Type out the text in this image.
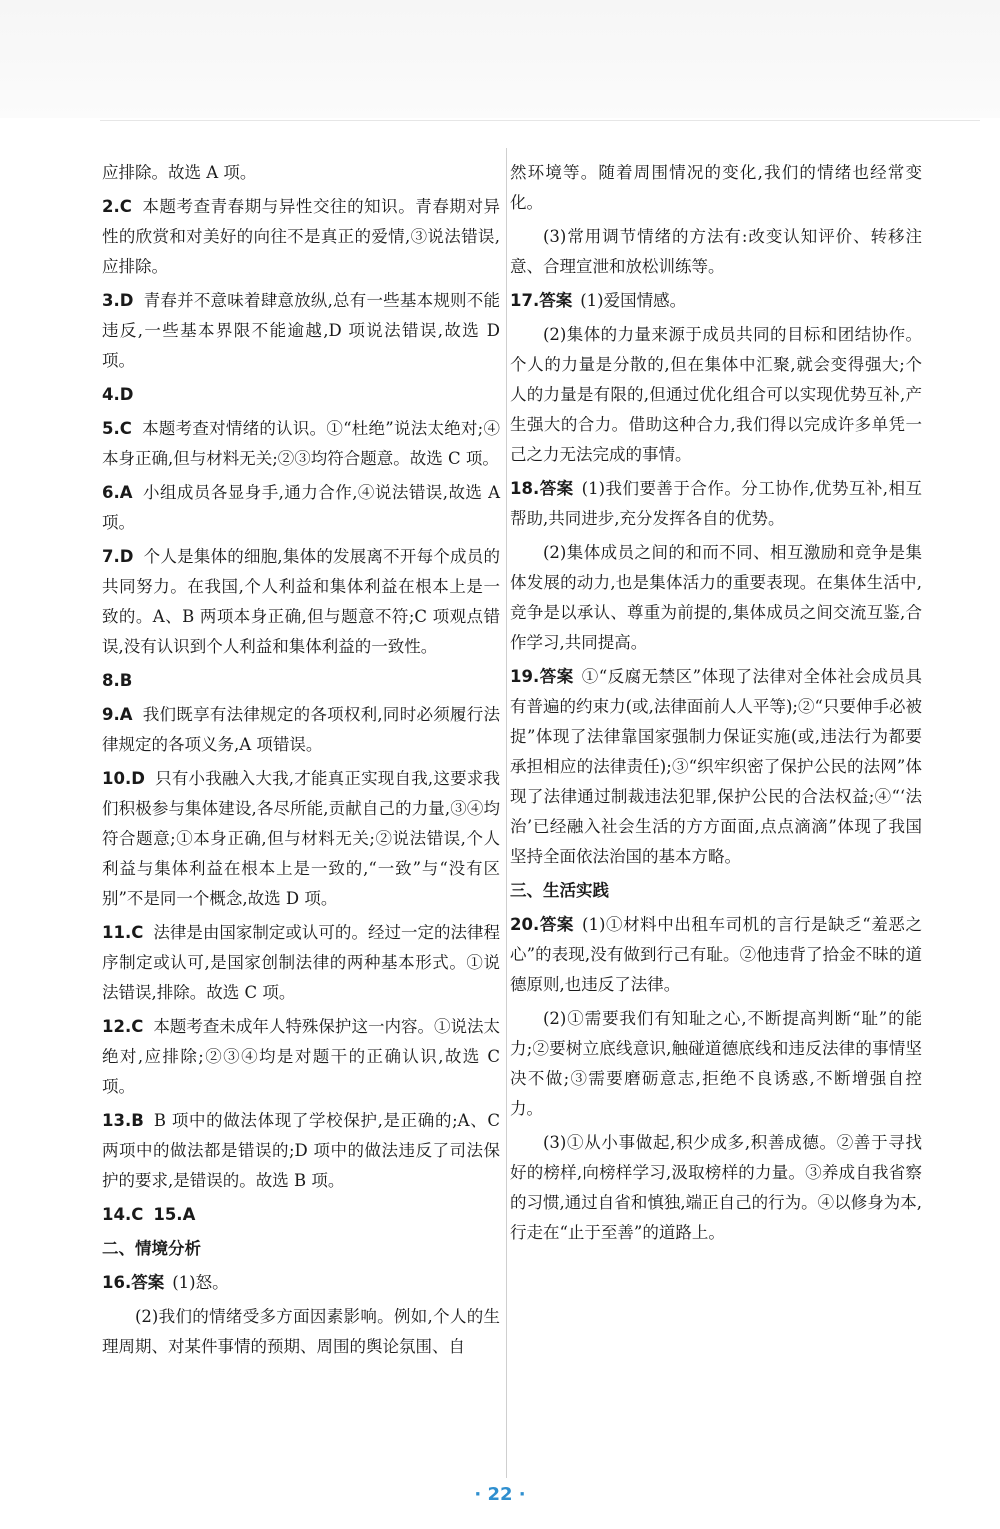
应排除。故选 A 项。

2.C 本题考查青春期与异性交往的知识。青春期对异性的欣赏和对美好的向往不是真正的爱情,③说法错误,应排除。

3.D 青春并不意味着肆意放纵,总有一些基本规则不能违反,一些基本界限不能逾越,D 项说法错误,故选 D 项。

4.D

5.C 本题考查对情绪的认识。①“杜绝”说法太绝对;④本身正确,但与材料无关;②③均符合题意。故选 C 项。

6.A 小组成员各显身手,通力合作,④说法错误,故选 A 项。

7.D 个人是集体的细胞,集体的发展离不开每个成员的共同努力。在我国,个人利益和集体利益在根本上是一致的。A、B 两项本身正确,但与题意不符;C 项观点错误,没有认识到个人利益和集体利益的一致性。

8.B

9.A 我们既享有法律规定的各项权利,同时必须履行法律规定的各项义务,A 项错误。

10.D 只有小我融入大我,才能真正实现自我,这要求我们积极参与集体建设,各尽所能,贡献自己的力量,③④均符合题意;①本身正确,但与材料无关;②说法错误,个人利益与集体利益在根本上是一致的,“一致”与“没有区别”不是同一个概念,故选 D 项。

11.C 法律是由国家制定或认可的。经过一定的法律程序制定或认可,是国家创制法律的两种基本形式。①说法错误,排除。故选 C 项。

12.C 本题考查未成年人特殊保护这一内容。①说法太绝对,应排除;②③④均是对题干的正确认识,故选 C 项。

13.B B 项中的做法体现了学校保护,是正确的;A、C 两项中的做法都是错误的;D 项中的做法违反了司法保护的要求,是错误的。故选 B 项。

14.C 15.A

二、情境分析

16.答案 (1)怒。

(2)我们的情绪受多方面因素影响。例如,个人的生理周期、对某件事情的预期、周围的舆论氛围、自

然环境等。随着周围情况的变化,我们的情绪也经常变化。

(3)常用调节情绪的方法有:改变认知评价、转移注意、合理宣泄和放松训练等。

17.答案 (1)爱国情感。

(2)集体的力量来源于成员共同的目标和团结协作。个人的力量是分散的,但在集体中汇聚,就会变得强大;个人的力量是有限的,但通过优化组合可以实现优势互补,产生强大的合力。借助这种合力,我们得以完成许多单凭一己之力无法完成的事情。

18.答案 (1)我们要善于合作。分工协作,优势互补,相互帮助,共同进步,充分发挥各自的优势。

(2)集体成员之间的和而不同、相互激励和竞争是集体发展的动力,也是集体活力的重要表现。在集体生活中,竞争是以承认、尊重为前提的,集体成员之间交流互鉴,合作学习,共同提高。

19.答案 ①“反腐无禁区”体现了法律对全体社会成员具有普遍的约束力(或,法律面前人人平等);②“只要伸手必被捉”体现了法律靠国家强制力保证实施(或,违法行为都要承担相应的法律责任);③“织牢织密了保护公民的法网”体现了法律通过制裁违法犯罪,保护公民的合法权益;④“‘法治’已经融入社会生活的方方面面,点点滴滴”体现了我国坚持全面依法治国的基本方略。

三、生活实践

20.答案 (1)①材料中出租车司机的言行是缺乏“羞恶之心”的表现,没有做到行己有耻。②他违背了拾金不昧的道德原则,也违反了法律。

(2)①需要我们有知耻之心,不断提高判断“耻”的能力;②要树立底线意识,触碰道德底线和违反法律的事情坚决不做;③需要磨砺意志,拒绝不良诱惑,不断增强自控力。

(3)①从小事做起,积少成多,积善成德。②善于寻找好的榜样,向榜样学习,汲取榜样的力量。③养成自我省察的习惯,通过自省和慎独,端正自己的行为。④以修身为本,行走在“止于至善”的道路上。

· 22 ·
